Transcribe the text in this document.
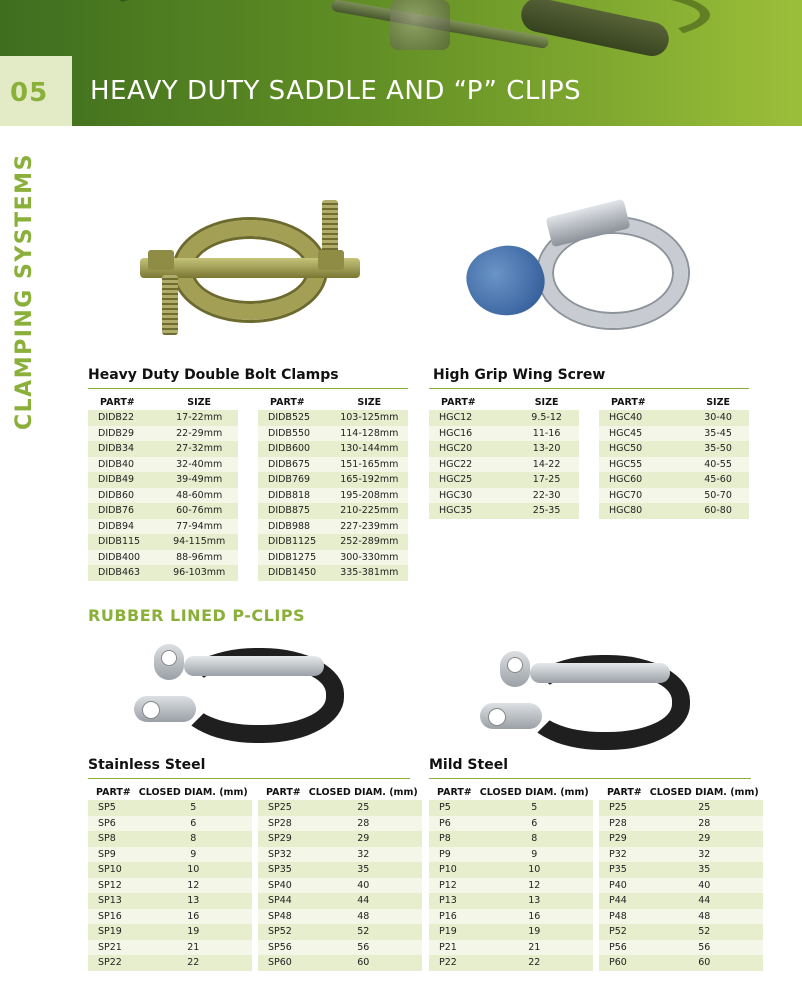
05 HEAVY DUTY SADDLE AND “P” CLIPS
CLAMPING SYSTEMS	Heavy Duty Double Bolt Clamps
PART#	SIZE
DIDB22	17-22mm
DIDB29	22-29mm
DIDB34	27-32mm
DIDB40	32-40mm
DIDB49	39-49mm
DIDB60	48-60mm
DIDB76	60-76mm
DIDB94	77-94mm
DIDB115	94-115mm
DIDB400	88-96mm
DIDB463	96-103mm
PART#	SIZE
DIDB525	103-125mm
DIDB550	114-128mm
DIDB600	130-144mm
DIDB675	151-165mm
DIDB769	165-192mm
DIDB818	195-208mm
DIDB875	210-225mm
DIDB988	227-239mm
DIDB1125	252-289mm
DIDB1275	300-330mm
DIDB1450	335-381mm
High Grip Wing Screw
PART#	SIZE
HGC12	9.5-12
HGC16	11-16
HGC20	13-20
HGC22	14-22
HGC25	17-25
HGC30	22-30
HGC35	25-35
PART#	SIZE
HGC40	30-40
HGC45	35-45
HGC50	35-50
HGC55	40-55
HGC60	45-60
HGC70	50-70
HGC80	60-80
RUBBER LINED P-CLIPS
Stainless Steel
PART#	CLOSED DIAM. (mm)
SP5	5
SP6	6
SP8	8
SP9	9
SP10	10
SP12	12
SP13	13
SP16	16
SP19	19
SP21	21
SP22	22
PART#	CLOSED DIAM. (mm)
SP25	25
SP28	28
SP29	29
SP32	32
SP35	35
SP40	40
SP44	44
SP48	48
SP52	52
SP56	56
SP60	60
Mild Steel
PART#	CLOSED DIAM. (mm)
P5	5
P6	6
P8	8
P9	9
P10	10
P12	12
P13	13
P16	16
P19	19
P21	21
P22	22
PART#	CLOSED DIAM. (mm)
P25	25
P28	28
P29	29
P32	32
P35	35
P40	40
P44	44
P48	48
P52	52
P56	56
P60	60
